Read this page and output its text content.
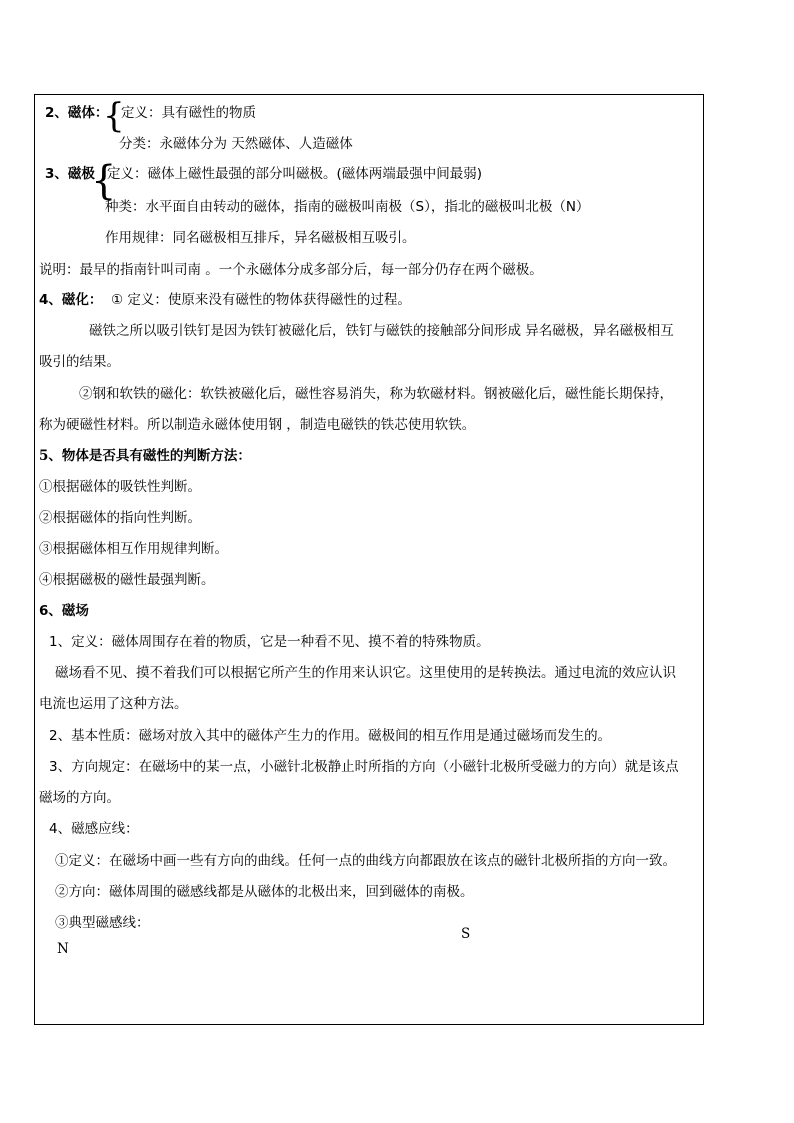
2、磁体：
{
定义：具有磁性的物质
分类：永磁体分为 天然磁体、人造磁体
3、磁极
{
定义：磁体上磁性最强的部分叫磁极。(磁体两端最强中间最弱)
种类：水平面自由转动的磁体，指南的磁极叫南极（S），指北的磁极叫北极（N）
作用规律：同名磁极相互排斥，异名磁极相互吸引。
说明：最早的指南针叫司南 。一个永磁体分成多部分后，每一部分仍存在两个磁极。
4、磁化： ① 定义：使原来没有磁性的物体获得磁性的过程。
磁铁之所以吸引铁钉是因为铁钉被磁化后，铁钉与磁铁的接触部分间形成 异名磁极，异名磁极相互
吸引的结果。
②钢和软铁的磁化：软铁被磁化后，磁性容易消失，称为软磁材料。钢被磁化后，磁性能长期保持，
称为硬磁性材料。所以制造永磁体使用钢 ，制造电磁铁的铁芯使用软铁。
5、物体是否具有磁性的判断方法：
①根据磁体的吸铁性判断。
②根据磁体的指向性判断。
③根据磁体相互作用规律判断。
④根据磁极的磁性最强判断。
6、磁场
1、定义：磁体周围存在着的物质，它是一种看不见、摸不着的特殊物质。
磁场看不见、摸不着我们可以根据它所产生的作用来认识它。这里使用的是转换法。通过电流的效应认识
电流也运用了这种方法。
2、基本性质：磁场对放入其中的磁体产生力的作用。磁极间的相互作用是通过磁场而发生的。
3、方向规定：在磁场中的某一点，小磁针北极静止时所指的方向（小磁针北极所受磁力的方向）就是该点
磁场的方向。
4、磁感应线：
①定义：在磁场中画一些有方向的曲线。任何一点的曲线方向都跟放在该点的磁针北极所指的方向一致。
②方向：磁体周围的磁感线都是从磁体的北极出来，回到磁体的南极。
③典型磁感线：
S
N
